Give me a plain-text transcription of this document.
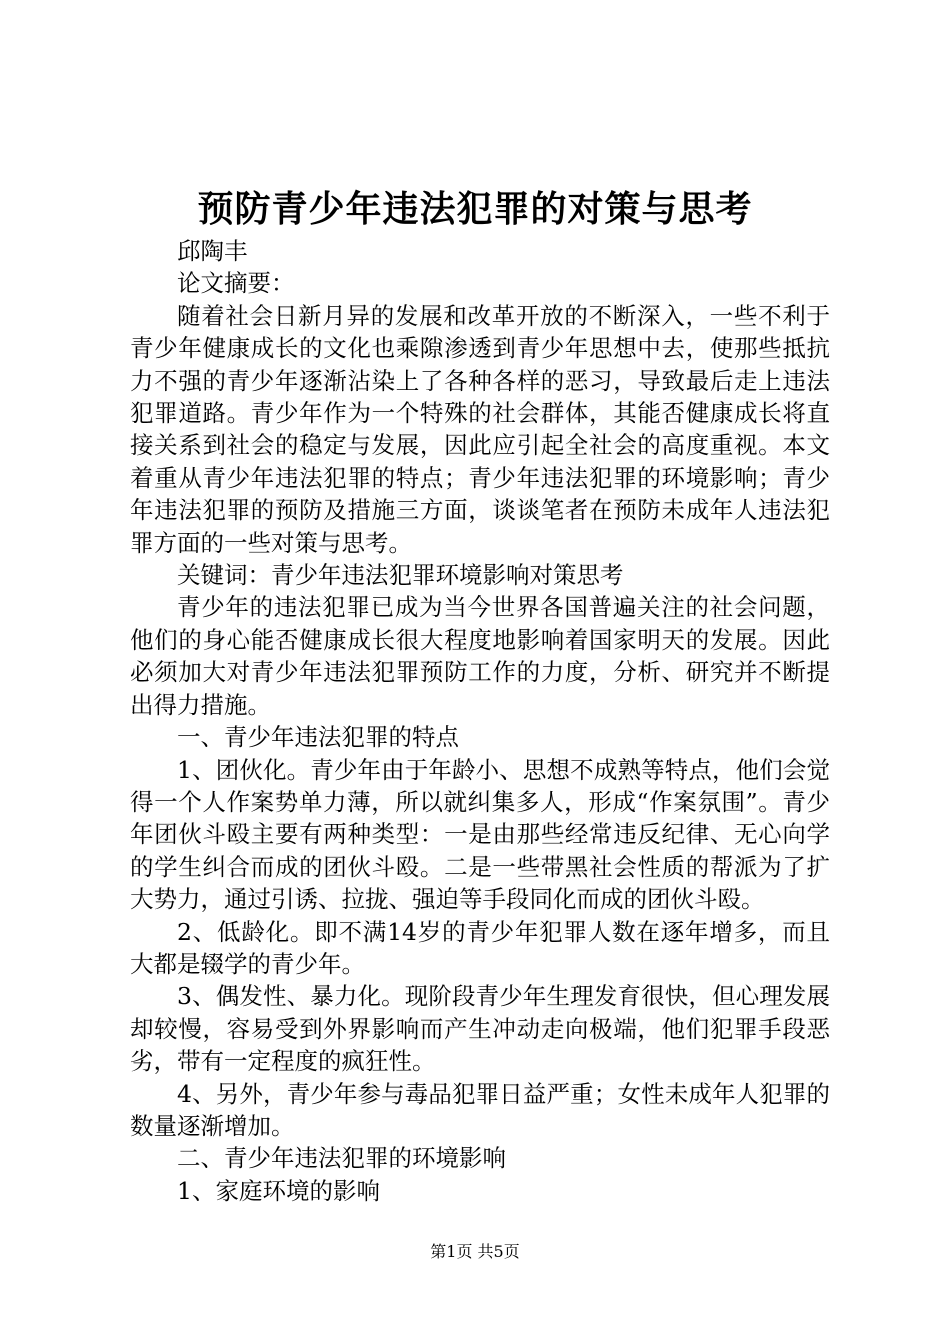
预防青少年违法犯罪的对策与思考

邱陶丰

论文摘要：

随着社会日新月异的发展和改革开放的不断深入，一些不利于青少年健康成长的文化也乘隙渗透到青少年思想中去，使那些抵抗力不强的青少年逐渐沾染上了各种各样的恶习，导致最后走上违法犯罪道路。青少年作为一个特殊的社会群体，其能否健康成长将直接关系到社会的稳定与发展，因此应引起全社会的高度重视。本文着重从青少年违法犯罪的特点；青少年违法犯罪的环境影响；青少年违法犯罪的预防及措施三方面，谈谈笔者在预防未成年人违法犯罪方面的一些对策与思考。

关键词：青少年违法犯罪环境影响对策思考

青少年的违法犯罪已成为当今世界各国普遍关注的社会问题，他们的身心能否健康成长很大程度地影响着国家明天的发展。因此必须加大对青少年违法犯罪预防工作的力度，分析、研究并不断提出得力措施。

一、青少年违法犯罪的特点

1、团伙化。青少年由于年龄小、思想不成熟等特点，他们会觉得一个人作案势单力薄，所以就纠集多人，形成“作案氛围”。青少年团伙斗殴主要有两种类型：一是由那些经常违反纪律、无心向学的学生纠合而成的团伙斗殴。二是一些带黑社会性质的帮派为了扩大势力，通过引诱、拉拢、强迫等手段同化而成的团伙斗殴。

2、低龄化。即不满14岁的青少年犯罪人数在逐年增多，而且大都是辍学的青少年。

3、偶发性、暴力化。现阶段青少年生理发育很快，但心理发展却较慢，容易受到外界影响而产生冲动走向极端，他们犯罪手段恶劣，带有一定程度的疯狂性。

4、另外，青少年参与毒品犯罪日益严重；女性未成年人犯罪的数量逐渐增加。

二、青少年违法犯罪的环境影响

1、家庭环境的影响

第1页 共5页
